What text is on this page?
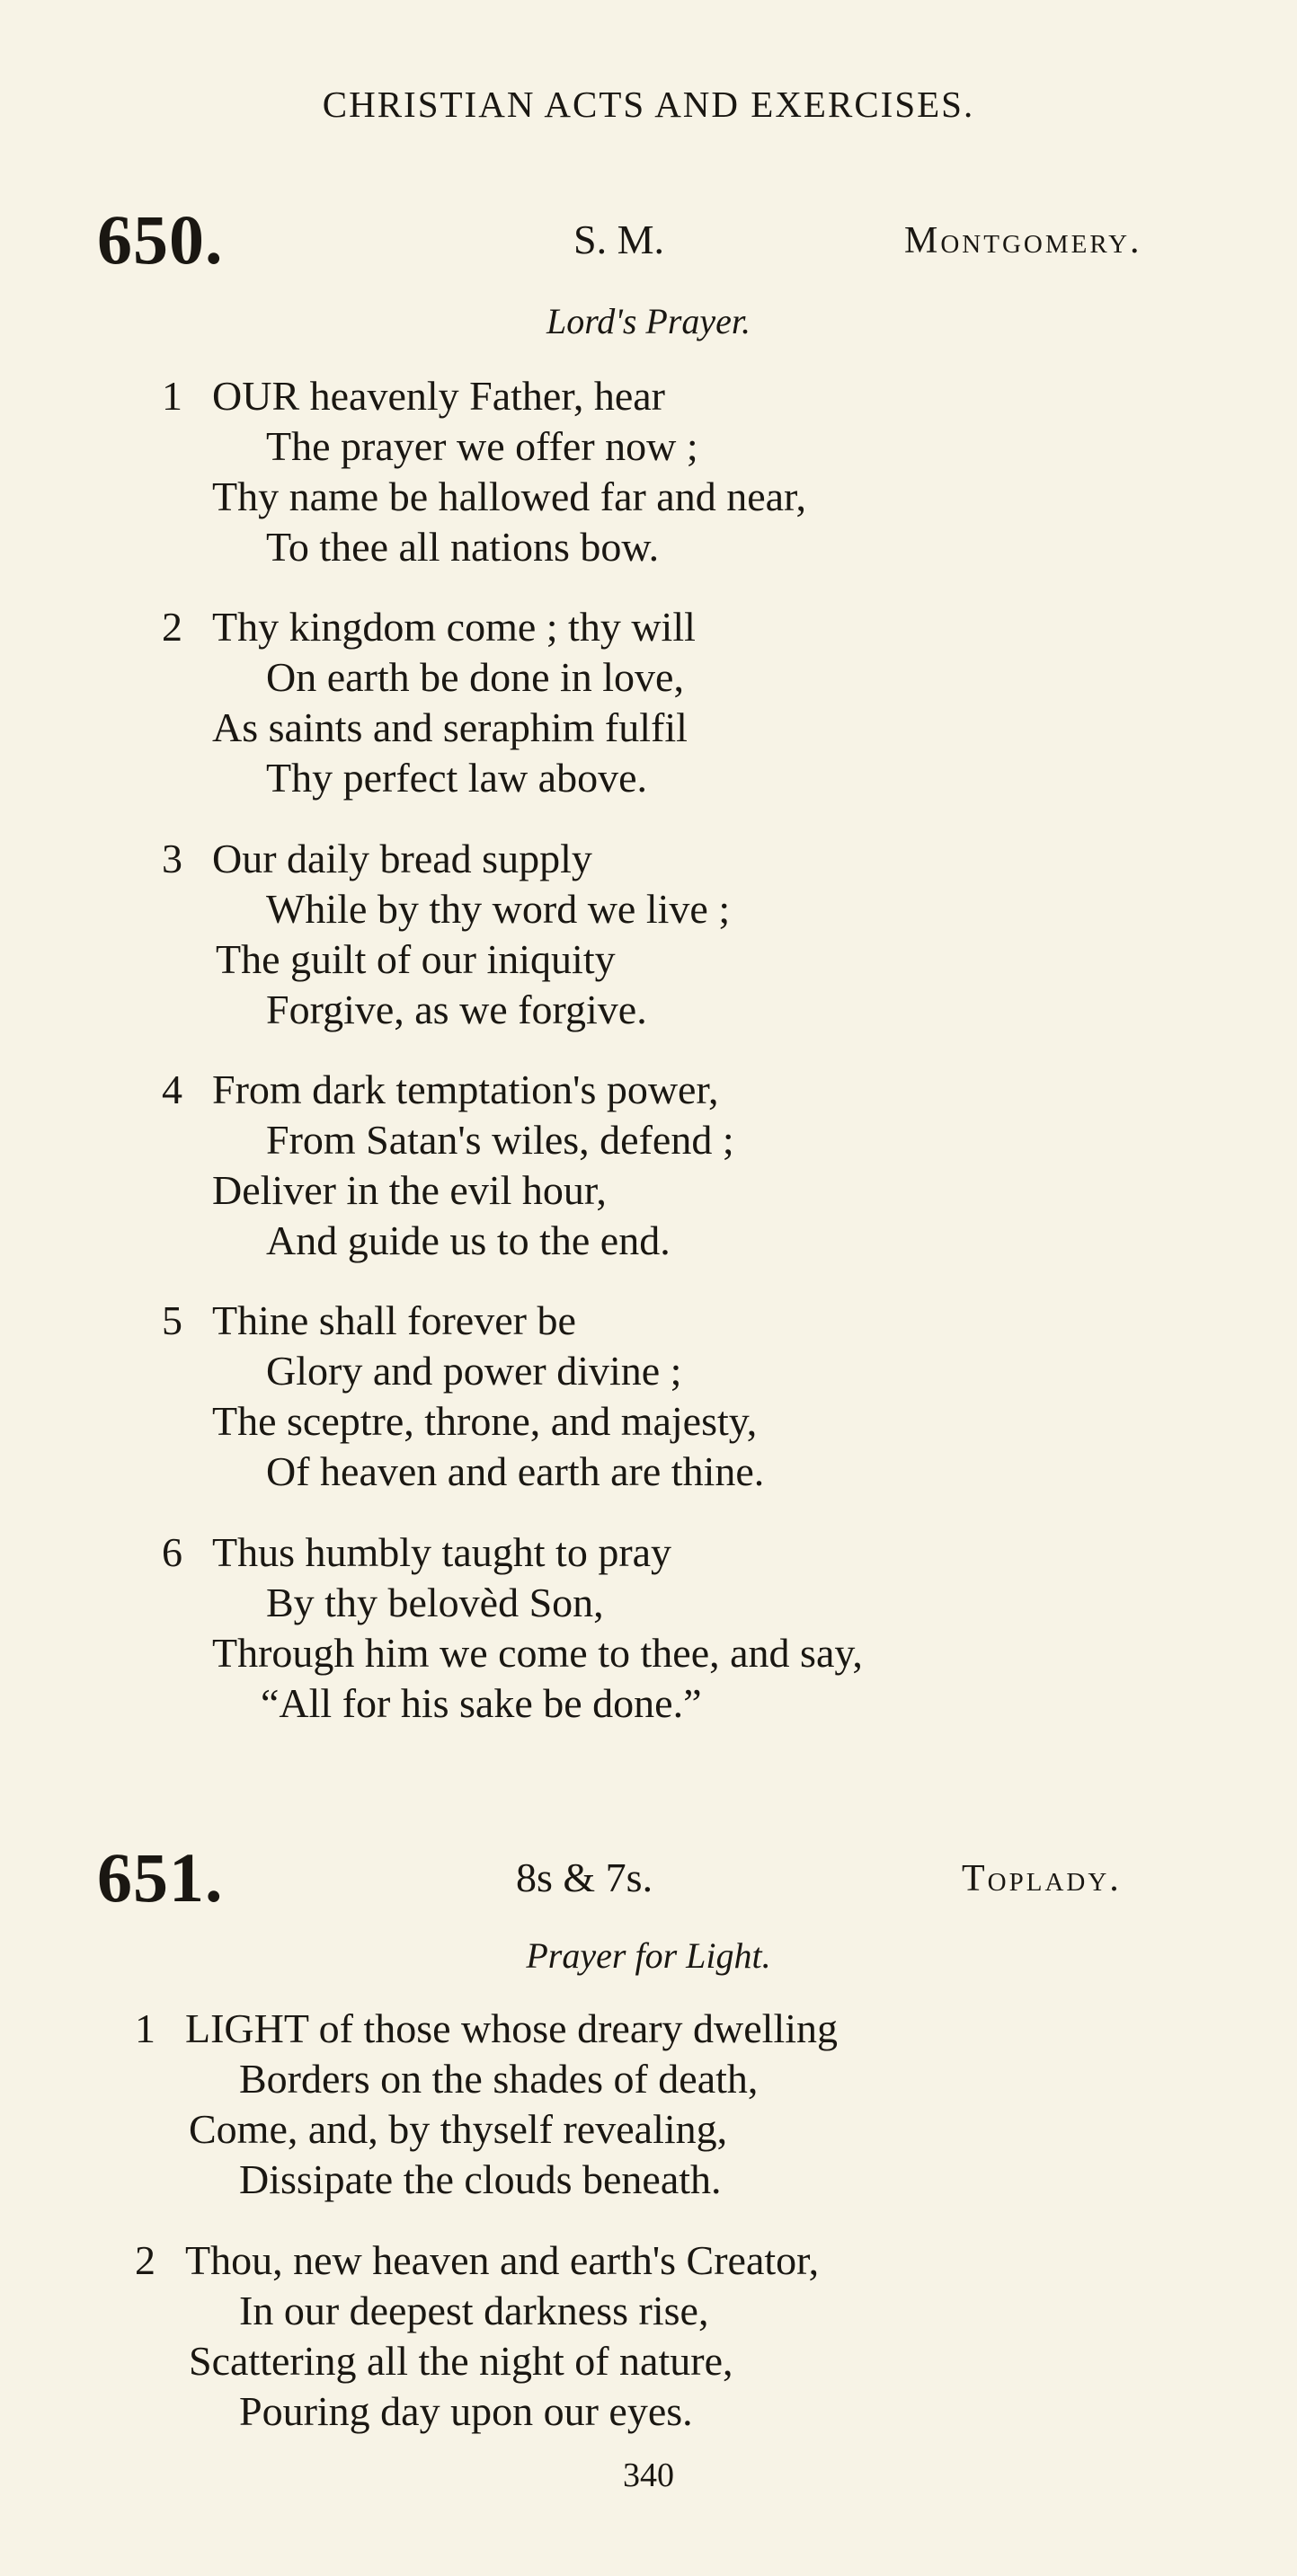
CHRISTIAN ACTS AND EXERCISES.
650.	S. M.	Montgomery.
Lord's Prayer.
1 OUR heavenly Father, hear
The prayer we offer now ;
Thy name be hallowed far and near,
To thee all nations bow.
2 Thy kingdom come ; thy will
On earth be done in love,
As saints and seraphim fulfil
Thy perfect law above.
3 Our daily bread supply
While by thy word we live ;
The guilt of our iniquity
Forgive, as we forgive.
4 From dark temptation's power,
From Satan's wiles, defend ;
Deliver in the evil hour,
And guide us to the end.
5 Thine shall forever be
Glory and power divine ;
The sceptre, throne, and majesty,
Of heaven and earth are thine.
6 Thus humbly taught to pray
By thy belovèd Son,
Through him we come to thee, and say,
“All for his sake be done.”
651.	8s & 7s.	Toplady.
Prayer for Light.
1 LIGHT of those whose dreary dwelling
Borders on the shades of death,
Come, and, by thyself revealing,
Dissipate the clouds beneath.
2 Thou, new heaven and earth's Creator,
In our deepest darkness rise,
Scattering all the night of nature,
Pouring day upon our eyes.
340
